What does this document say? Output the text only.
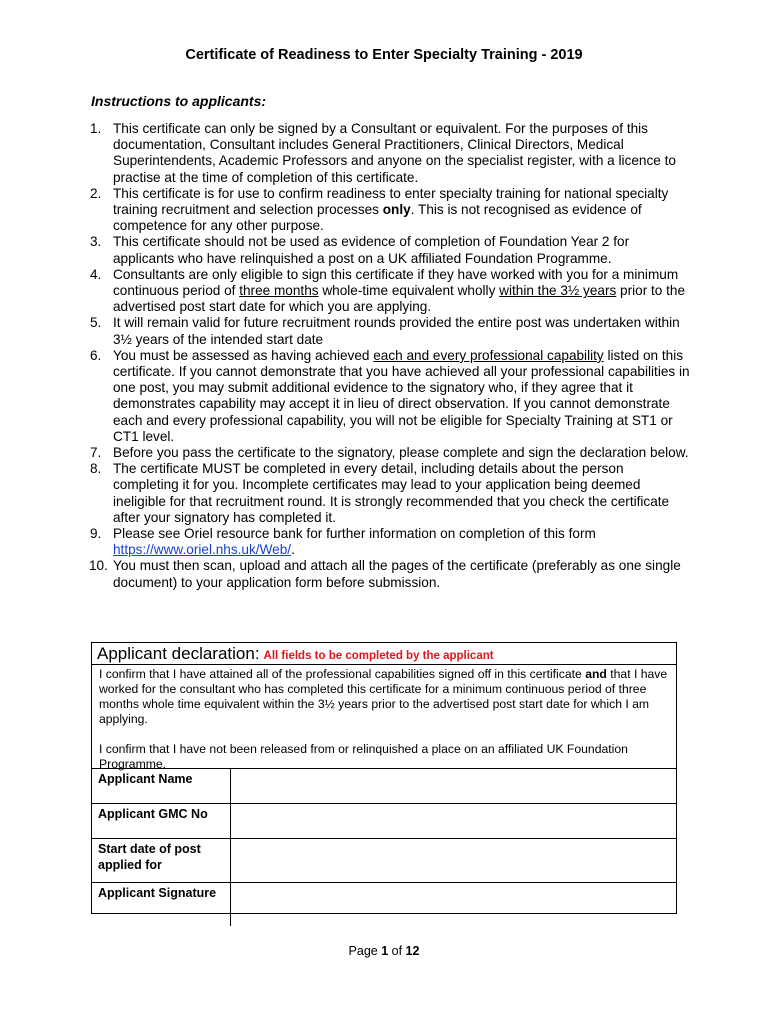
Certificate of Readiness to Enter Specialty Training - 2019
Instructions to applicants:
1. This certificate can only be signed by a Consultant or equivalent. For the purposes of this documentation, Consultant includes General Practitioners, Clinical Directors, Medical Superintendents, Academic Professors and anyone on the specialist register, with a licence to practise at the time of completion of this certificate.
2. This certificate is for use to confirm readiness to enter specialty training for national specialty training recruitment and selection processes only. This is not recognised as evidence of competence for any other purpose.
3. This certificate should not be used as evidence of completion of Foundation Year 2 for applicants who have relinquished a post on a UK affiliated Foundation Programme.
4. Consultants are only eligible to sign this certificate if they have worked with you for a minimum continuous period of three months whole-time equivalent wholly within the 3½ years prior to the advertised post start date for which you are applying.
5. It will remain valid for future recruitment rounds provided the entire post was undertaken within 3½ years of the intended start date
6. You must be assessed as having achieved each and every professional capability listed on this certificate. If you cannot demonstrate that you have achieved all your professional capabilities in one post, you may submit additional evidence to the signatory who, if they agree that it demonstrates capability may accept it in lieu of direct observation. If you cannot demonstrate each and every professional capability, you will not be eligible for Specialty Training at ST1 or CT1 level.
7. Before you pass the certificate to the signatory, please complete and sign the declaration below.
8. The certificate MUST be completed in every detail, including details about the person completing it for you. Incomplete certificates may lead to your application being deemed ineligible for that recruitment round. It is strongly recommended that you check the certificate after your signatory has completed it.
9. Please see Oriel resource bank for further information on completion of this form
https://www.oriel.nhs.uk/Web/.
10. You must then scan, upload and attach all the pages of the certificate (preferably as one single document) to your application form before submission.
Applicant declaration: All fields to be completed by the applicant

I confirm that I have attained all of the professional capabilities signed off in this certificate and that I have worked for the consultant who has completed this certificate for a minimum continuous period of three months whole time equivalent within the 3½ years prior to the advertised post start date for which I am applying.

I confirm that I have not been released from or relinquished a place on an affiliated UK Foundation Programme.

Applicant Name	
Applicant GMC No	
Start date of post applied for	
Applicant Signature	
Page 1 of 12
